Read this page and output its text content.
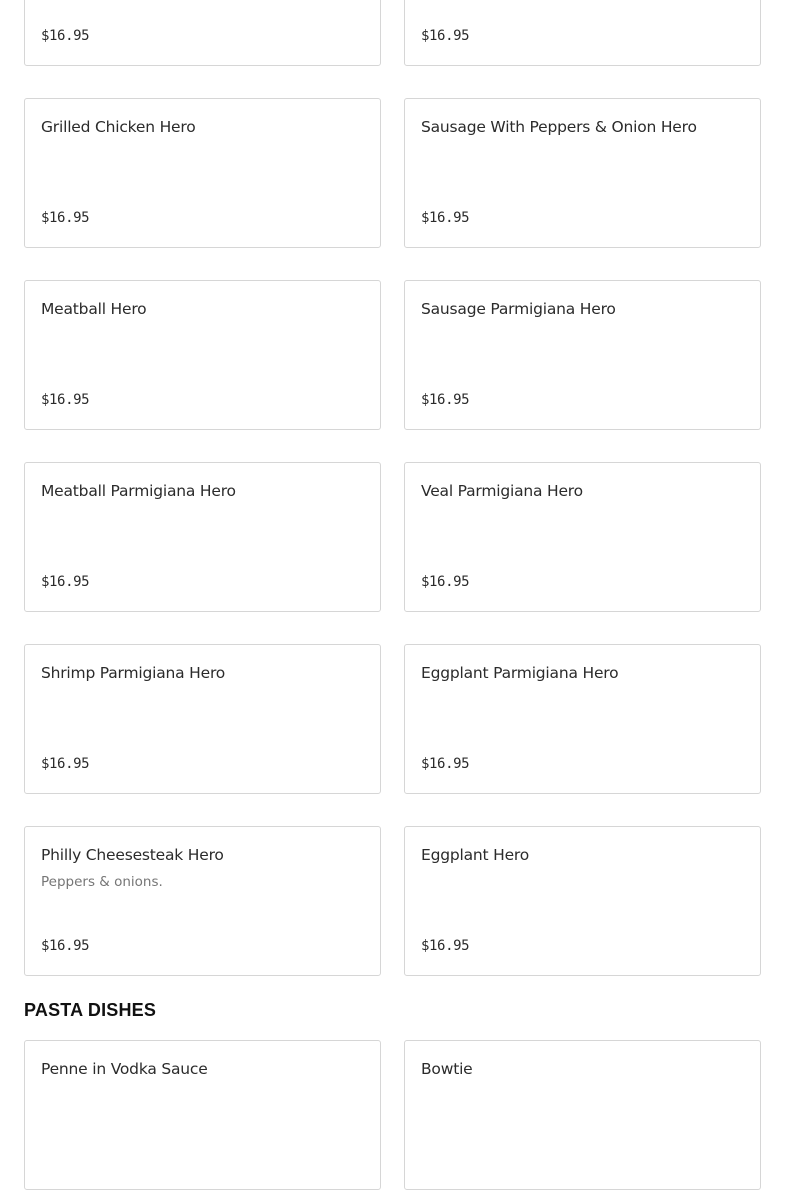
$16.95	$16.95
Grilled Chicken Hero
$16.95
Sausage With Peppers & Onion Hero
$16.95
Meatball Hero
$16.95
Sausage Parmigiana Hero
$16.95
Meatball Parmigiana Hero
$16.95
Veal Parmigiana Hero
$16.95
Shrimp Parmigiana Hero
$16.95
Eggplant Parmigiana Hero
$16.95
Philly Cheesesteak Hero
Peppers & onions.
$16.95
Eggplant Hero
$16.95
PASTA DISHES
Penne in Vodka Sauce	Bowtie
